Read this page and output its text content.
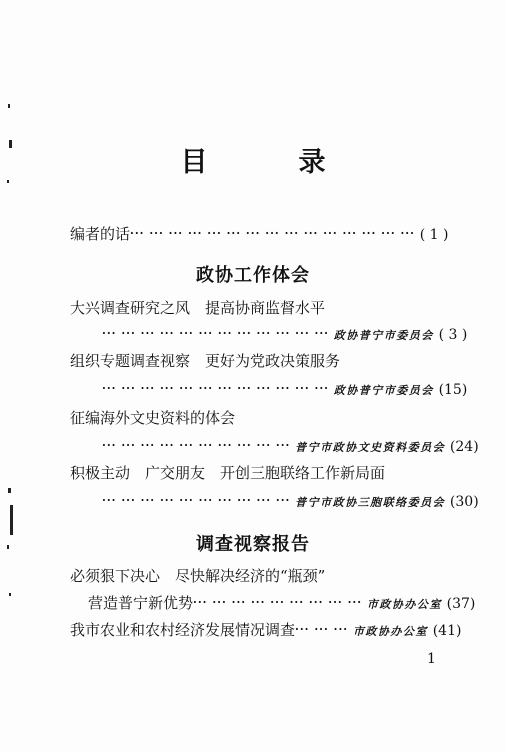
目　录
编者的话··· ··· ··· ··· ··· ··· ··· ··· ··· ··· ··· ··· ··· ··· ··· ( 1 )
政协工作体会
大兴调查研究之风　提高协商监督水平
··· ··· ··· ··· ··· ··· ··· ··· ··· ··· ··· ··· 政协普宁市委员会 ( 3 )
组织专题调查视察　更好为党政决策服务
··· ··· ··· ··· ··· ··· ··· ··· ··· ··· ··· ··· 政协普宁市委员会 (15)
征编海外文史资料的体会
··· ··· ··· ··· ··· ··· ··· ··· ··· ··· 普宁市政协文史资料委员会 (24)
积极主动　广交朋友　开创三胞联络工作新局面
··· ··· ··· ··· ··· ··· ··· ··· ··· ··· 普宁市政协三胞联络委员会 (30)
调查视察报告
必须狠下决心　尽快解决经济的“瓶颈”
营造普宁新优势··· ··· ··· ··· ··· ··· ··· ··· ··· 市政协办公室 (37)
我市农业和农村经济发展情况调查··· ··· ··· 市政协办公室 (41)
1
